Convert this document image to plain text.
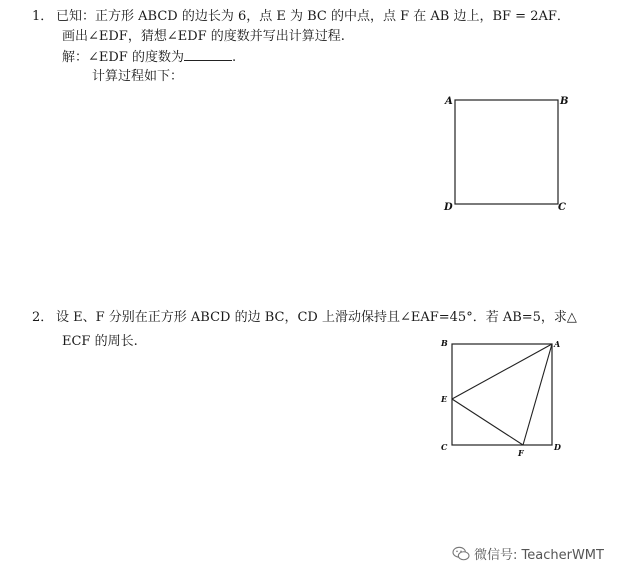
1． 已知：正方形 ABCD 的边长为 6，点 E 为 BC 的中点，点 F 在 AB 边上，BF = 2AF．
画出∠EDF，猜想∠EDF 的度数并写出计算过程.
解：∠EDF 的度数为	.
计算过程如下：
A	B
C
D
2． 设 E、F 分别在正方形 ABCD 的边 BC，CD 上滑动保持且∠EAF=45°．若 AB=5，求△
ECF 的周长.	B	A
E
C
F
D
微信号: TeacherWMT
